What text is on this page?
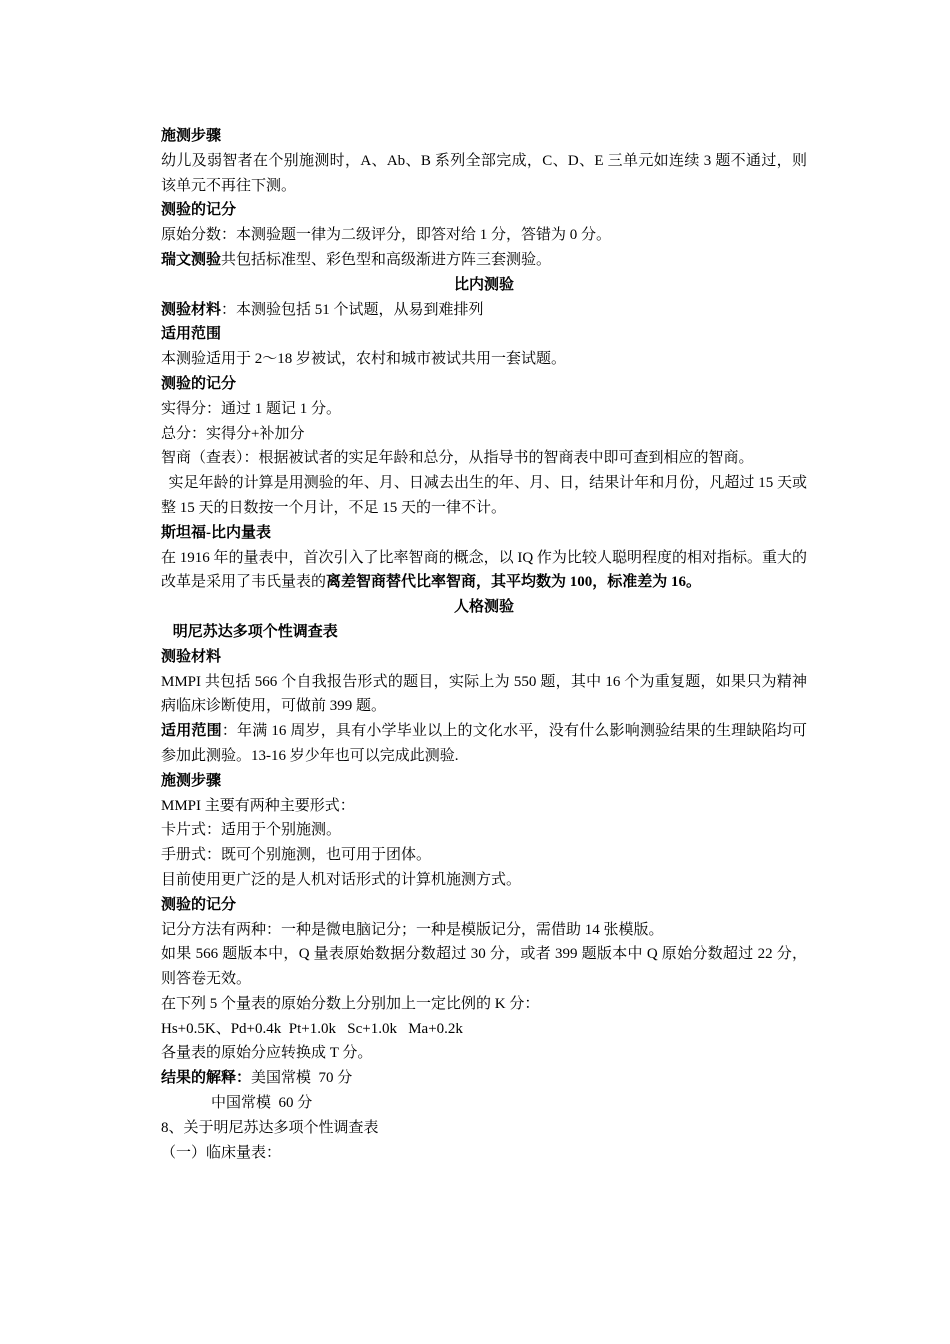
施测步骤

幼儿及弱智者在个别施测时，A、Ab、B 系列全部完成，C、D、E 三单元如连续 3 题不通过，则该单元不再往下测。

测验的记分

原始分数：本测验题一律为二级评分，即答对给 1 分，答错为 0 分。

瑞文测验共包括标准型、彩色型和高级渐进方阵三套测验。

比内测验

测验材料：本测验包括 51 个试题，从易到难排列

适用范围

本测验适用于 2～18 岁被试，农村和城市被试共用一套试题。

测验的记分

实得分：通过 1 题记 1 分。

总分：实得分+补加分

智商（查表）：根据被试者的实足年龄和总分，从指导书的智商表中即可查到相应的智商。

实足年龄的计算是用测验的年、月、日减去出生的年、月、日，结果计年和月份，凡超过 15 天或整 15 天的日数按一个月计，不足 15 天的一律不计。

斯坦福-比内量表

在 1916 年的量表中，首次引入了比率智商的概念，以 IQ 作为比较人聪明程度的相对指标。重大的改革是采用了韦氏量表的离差智商替代比率智商，其平均数为 100，标准差为 16。

人格测验

明尼苏达多项个性调查表

测验材料

MMPI 共包括 566 个自我报告形式的题目，实际上为 550 题，其中 16 个为重复题，如果只为精神病临床诊断使用，可做前 399 题。

适用范围：年满 16 周岁，具有小学毕业以上的文化水平，没有什么影响测验结果的生理缺陷均可参加此测验。13-16 岁少年也可以完成此测验.

施测步骤

MMPI 主要有两种主要形式：

卡片式：适用于个别施测。

手册式：既可个别施测，也可用于团体。

目前使用更广泛的是人机对话形式的计算机施测方式。

测验的记分

记分方法有两种：一种是微电脑记分；一种是模版记分，需借助 14 张模版。

如果 566 题版本中，Q 量表原始数据分数超过 30 分，或者 399 题版本中 Q 原始分数超过 22 分，则答卷无效。

在下列 5 个量表的原始分数上分别加上一定比例的 K 分：

Hs+0.5K、Pd+0.4k  Pt+1.0k   Sc+1.0k   Ma+0.2k

各量表的原始分应转换成 T 分。

结果的解释：美国常模  70 分

中国常模  60 分

8、关于明尼苏达多项个性调查表

（一）临床量表：
